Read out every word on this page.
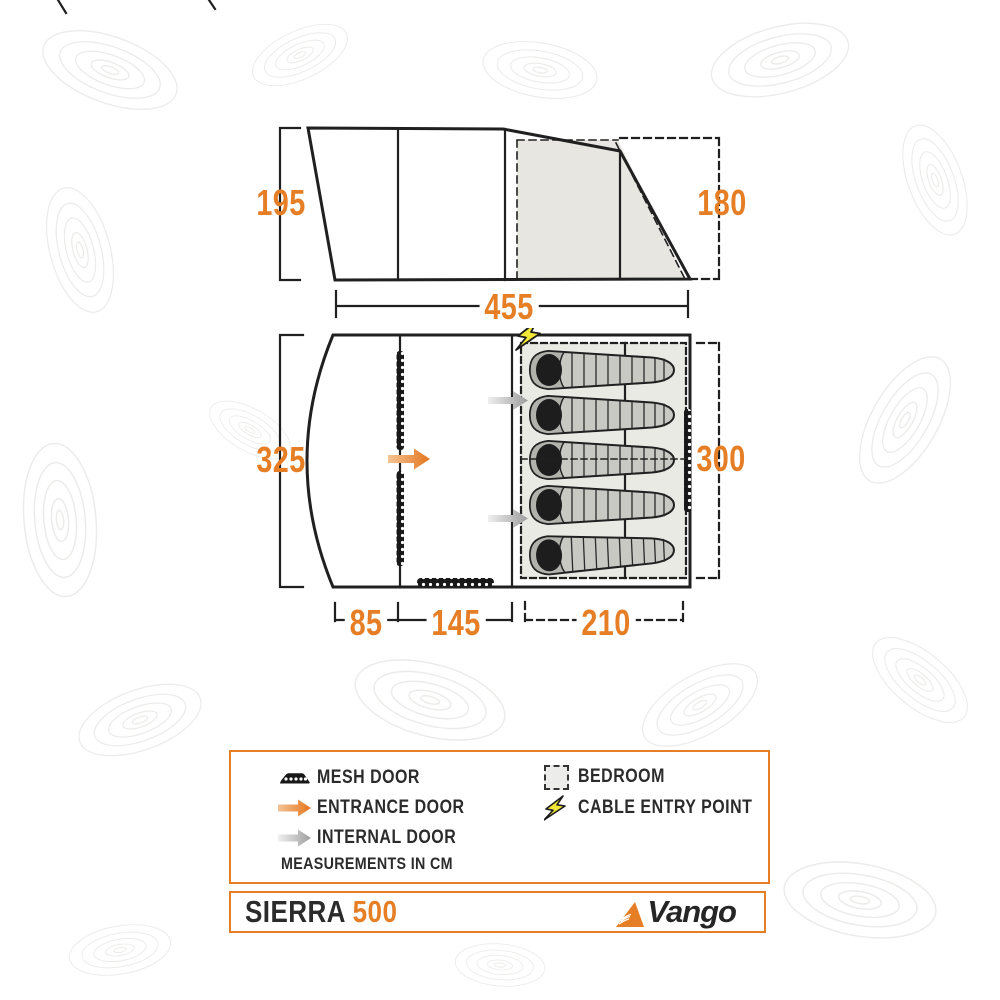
195	180
455
325	300
85 145	210
MESH DOOR
ENTRANCE DOOR
INTERNAL DOOR
BEDROOM
CABLE ENTRY POINT
MEASUREMENTS IN CM
SIERRA 500	Vango
